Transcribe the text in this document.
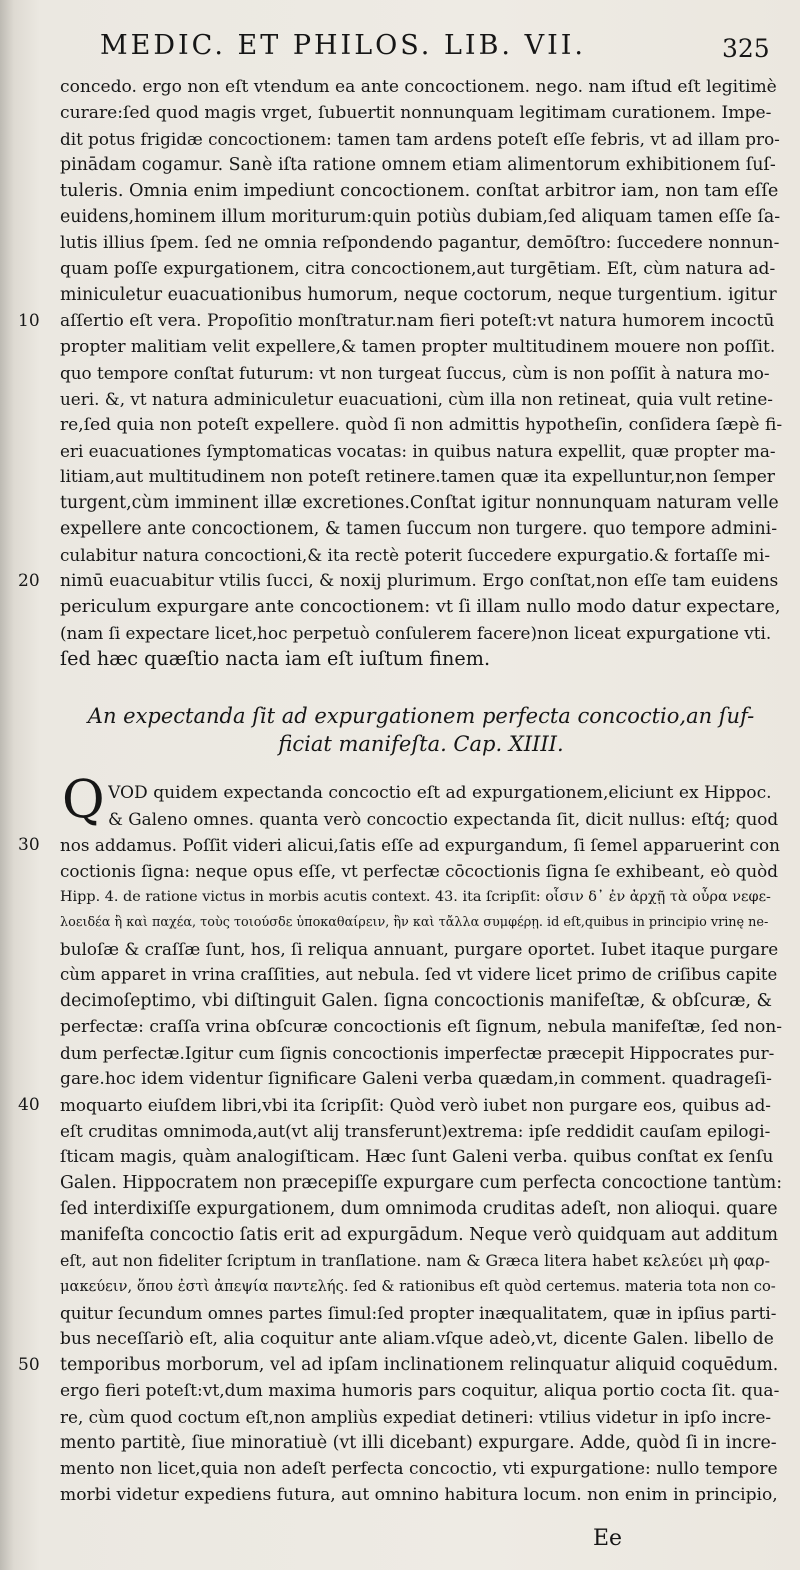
MEDIC. ET PHILOS. LIB. VII.	325
concedo. ergo non eſt vtendum ea ante concoctionem. nego. nam iſtud eſt legitimè
curare:ſed quod magis vrget, ſubuertit nonnunquam legitimam curationem. Impe-
dit potus frigidæ concoctionem: tamen tam ardens poteſt eſſe febris, vt ad illam pro-
pinādam cogamur. Sanè iſta ratione omnem etiam alimentorum exhibitionem ſuſ-
tuleris. Omnia enim impediunt concoctionem. conſtat arbitror iam, non tam eſſe
euidens,hominem illum moriturum:quin potiùs dubiam,ſed aliquam tamen eſſe ſa-
lutis illius ſpem. ſed ne omnia reſpondendo pagantur, demōſtro: ſuccedere nonnun-
quam poſſe expurgationem, citra concoctionem,aut turgētiam. Eſt, cùm natura ad-
miniculetur euacuationibus humorum, neque coctorum, neque turgentium. igitur
aſſertio eſt vera. Propoſitio monſtratur.nam fieri poteſt:vt natura humorem incoctū
propter malitiam velit expellere,& tamen propter multitudinem mouere non poſſit.
quo tempore conſtat futurum: vt non turgeat ſuccus, cùm is non poſſit à natura mo-
ueri. &, vt natura adminiculetur euacuationi, cùm illa non retineat, quia vult retine-
re,ſed quia non poteſt expellere. quòd ſi non admittis hypotheſin, conſidera ſæpè fi-
eri euacuationes ſymptomaticas vocatas: in quibus natura expellit, quæ propter ma-
litiam,aut multitudinem non poteſt retinere.tamen quæ ita expelluntur,non ſemper
turgent,cùm imminent illæ excretiones.Conſtat igitur nonnunquam naturam velle
expellere ante concoctionem, & tamen ſuccum non turgere. quo tempore admini-
culabitur natura concoctioni,& ita rectè poterit ſuccedere expurgatio.& fortaſſe mi-
nimū euacuabitur vtilis ſucci, & noxij plurimum. Ergo conſtat,non eſſe tam euidens
periculum expurgare ante concoctionem: vt ſi illam nullo modo datur expectare,
(nam ſi expectare licet,hoc perpetuò conſulerem facere)non liceat expurgatione vti.
ſed hæc quæſtio nacta iam eſt iuſtum finem.
An expectanda ſit ad expurgationem perfecta concoctio,an ſuf-
ficiat manifeſta. Cap. XIIII.
Q VOD quidem expectanda concoctio eſt ad expurgationem,eliciunt ex Hippoc.
& Galeno omnes. quanta verò concoctio expectanda ſit, dicit nullus: eſtq́; quod
nos addamus. Poſſit videri alicui,ſatis eſſe ad expurgandum, ſi ſemel apparuerint con
coctionis ſigna: neque opus eſſe, vt perfectæ cōcoctionis ſigna ſe exhibeant, eò quòd
Hipp. 4. de ratione victus in morbis acutis context. 43. ita ſcripſit: οἷσιν δ᾽ ἐν ἀρχῇ τὰ οὖρα νεφε-
λοειδέα ἢ καὶ παχέα, τοὺς τοιούσδε ὑποκαθαίρειν, ἢν καὶ τἄλλα συμφέρῃ. id eſt,quibus in principio vrinę ne-
buloſæ & craſſæ ſunt, hos, ſi reliqua annuant, purgare oportet. Iubet itaque purgare
cùm apparet in vrina craſſities, aut nebula. ſed vt videre licet primo de criſibus capite
decimoſeptimo, vbi diſtinguit Galen. ſigna concoctionis manifeſtæ, & obſcuræ, &
perfectæ: craſſa vrina obſcuræ concoctionis eſt ſignum, nebula manifeſtæ, ſed non-
dum perfectæ.Igitur cum ſignis concoctionis imperfectæ præcepit Hippocrates pur-
gare.hoc idem videntur ſignificare Galeni verba quædam,in comment. quadrageſi-
moquarto eiuſdem libri,vbi ita ſcripſit: Quòd verò iubet non purgare eos, quibus ad-
eſt cruditas omnimoda,aut(vt alij transferunt)extrema: ipſe reddidit cauſam epilogi-
ſticam magis, quàm analogiſticam. Hæc ſunt Galeni verba. quibus conſtat ex ſenſu
Galen. Hippocratem non præcepiſſe expurgare cum perfecta concoctione tantùm:
ſed interdixiſſe expurgationem, dum omnimoda cruditas adeſt, non alioqui. quare
manifeſta concoctio ſatis erit ad expurgādum. Neque verò quidquam aut additum
eſt, aut non fideliter ſcriptum in tranſlatione. nam & Græca litera habet κελεύει μὴ φαρ-
μακεύειν, ὅπου ἐστὶ ἀπεψία παντελής. ſed & rationibus eſt quòd certemus. materia tota non co-
quitur ſecundum omnes partes ſimul:ſed propter inæqualitatem, quæ in ipſius parti-
bus neceſſariò eſt, alia coquitur ante aliam.vſque adeò,vt, dicente Galen. libello de
temporibus morborum, vel ad ipſam inclinationem relinquatur aliquid coquēdum.
ergo fieri poteſt:vt,dum maxima humoris pars coquitur, aliqua portio cocta ſit. qua-
re, cùm quod coctum eſt,non ampliùs expediat detineri: vtilius videtur in ipſo incre-
mento partitè, ſiue minoratiuè (vt illi dicebant) expurgare. Adde, quòd ſi in incre-
mento non licet,quia non adeſt perfecta concoctio, vti expurgatione: nullo tempore
morbi videtur expediens futura, aut omnino habitura locum. non enim in principio,
10
20
30
40
50
Ee
